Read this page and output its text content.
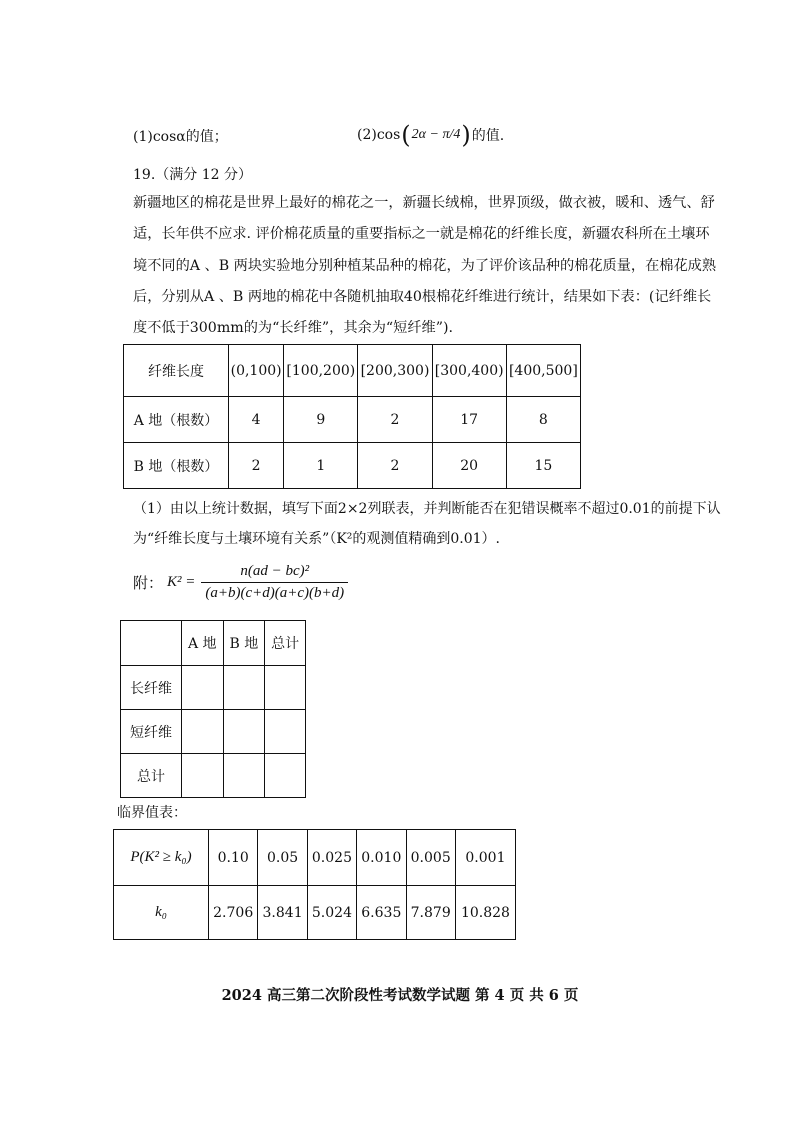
(1)cosα的值；	(2)cos ( 2α − π/4 ) 的值.
19.（满分 12 分）
新疆地区的棉花是世界上最好的棉花之一，新疆长绒棉，世界顶级，做衣被，暖和、透气、舒
适，长年供不应求. 评价棉花质量的重要指标之一就是棉花的纤维长度，新疆农科所在土壤环
境不同的A 、B 两块实验地分别种植某品种的棉花，为了评价该品种的棉花质量，在棉花成熟
后，分别从A 、B 两地的棉花中各随机抽取40根棉花纤维进行统计，结果如下表：(记纤维长
度不低于300mm的为“长纤维”，其余为“短纤维”).
纤维长度	(0,100)	[100,200)	[200,300)	[300,400)	[400,500]
A 地（根数）	4	9	2	17	8
B 地（根数）	2	1	2	20	15
（1）由以上统计数据，填写下面2×2列联表，并判断能否在犯错误概率不超过0.01的前提下认
为“纤维长度与土壤环境有关系”（K²的观测值精确到0.01）.
附： $K^2 = \frac{\text{n(ad − bc)²}}{(a+b)(c+d)(a+c)(b+d)}$
	A 地	B 地	总计
长纤维			
短纤维			
总计			
临界值表：
P(K² ≥ k₀)	0.10	0.05	0.025	0.010	0.005	0.001
k₀	2.706	3.841	5.024	6.635	7.879	10.828
2024 高三第二次阶段性考试数学试题 第 4 页 共 6 页
